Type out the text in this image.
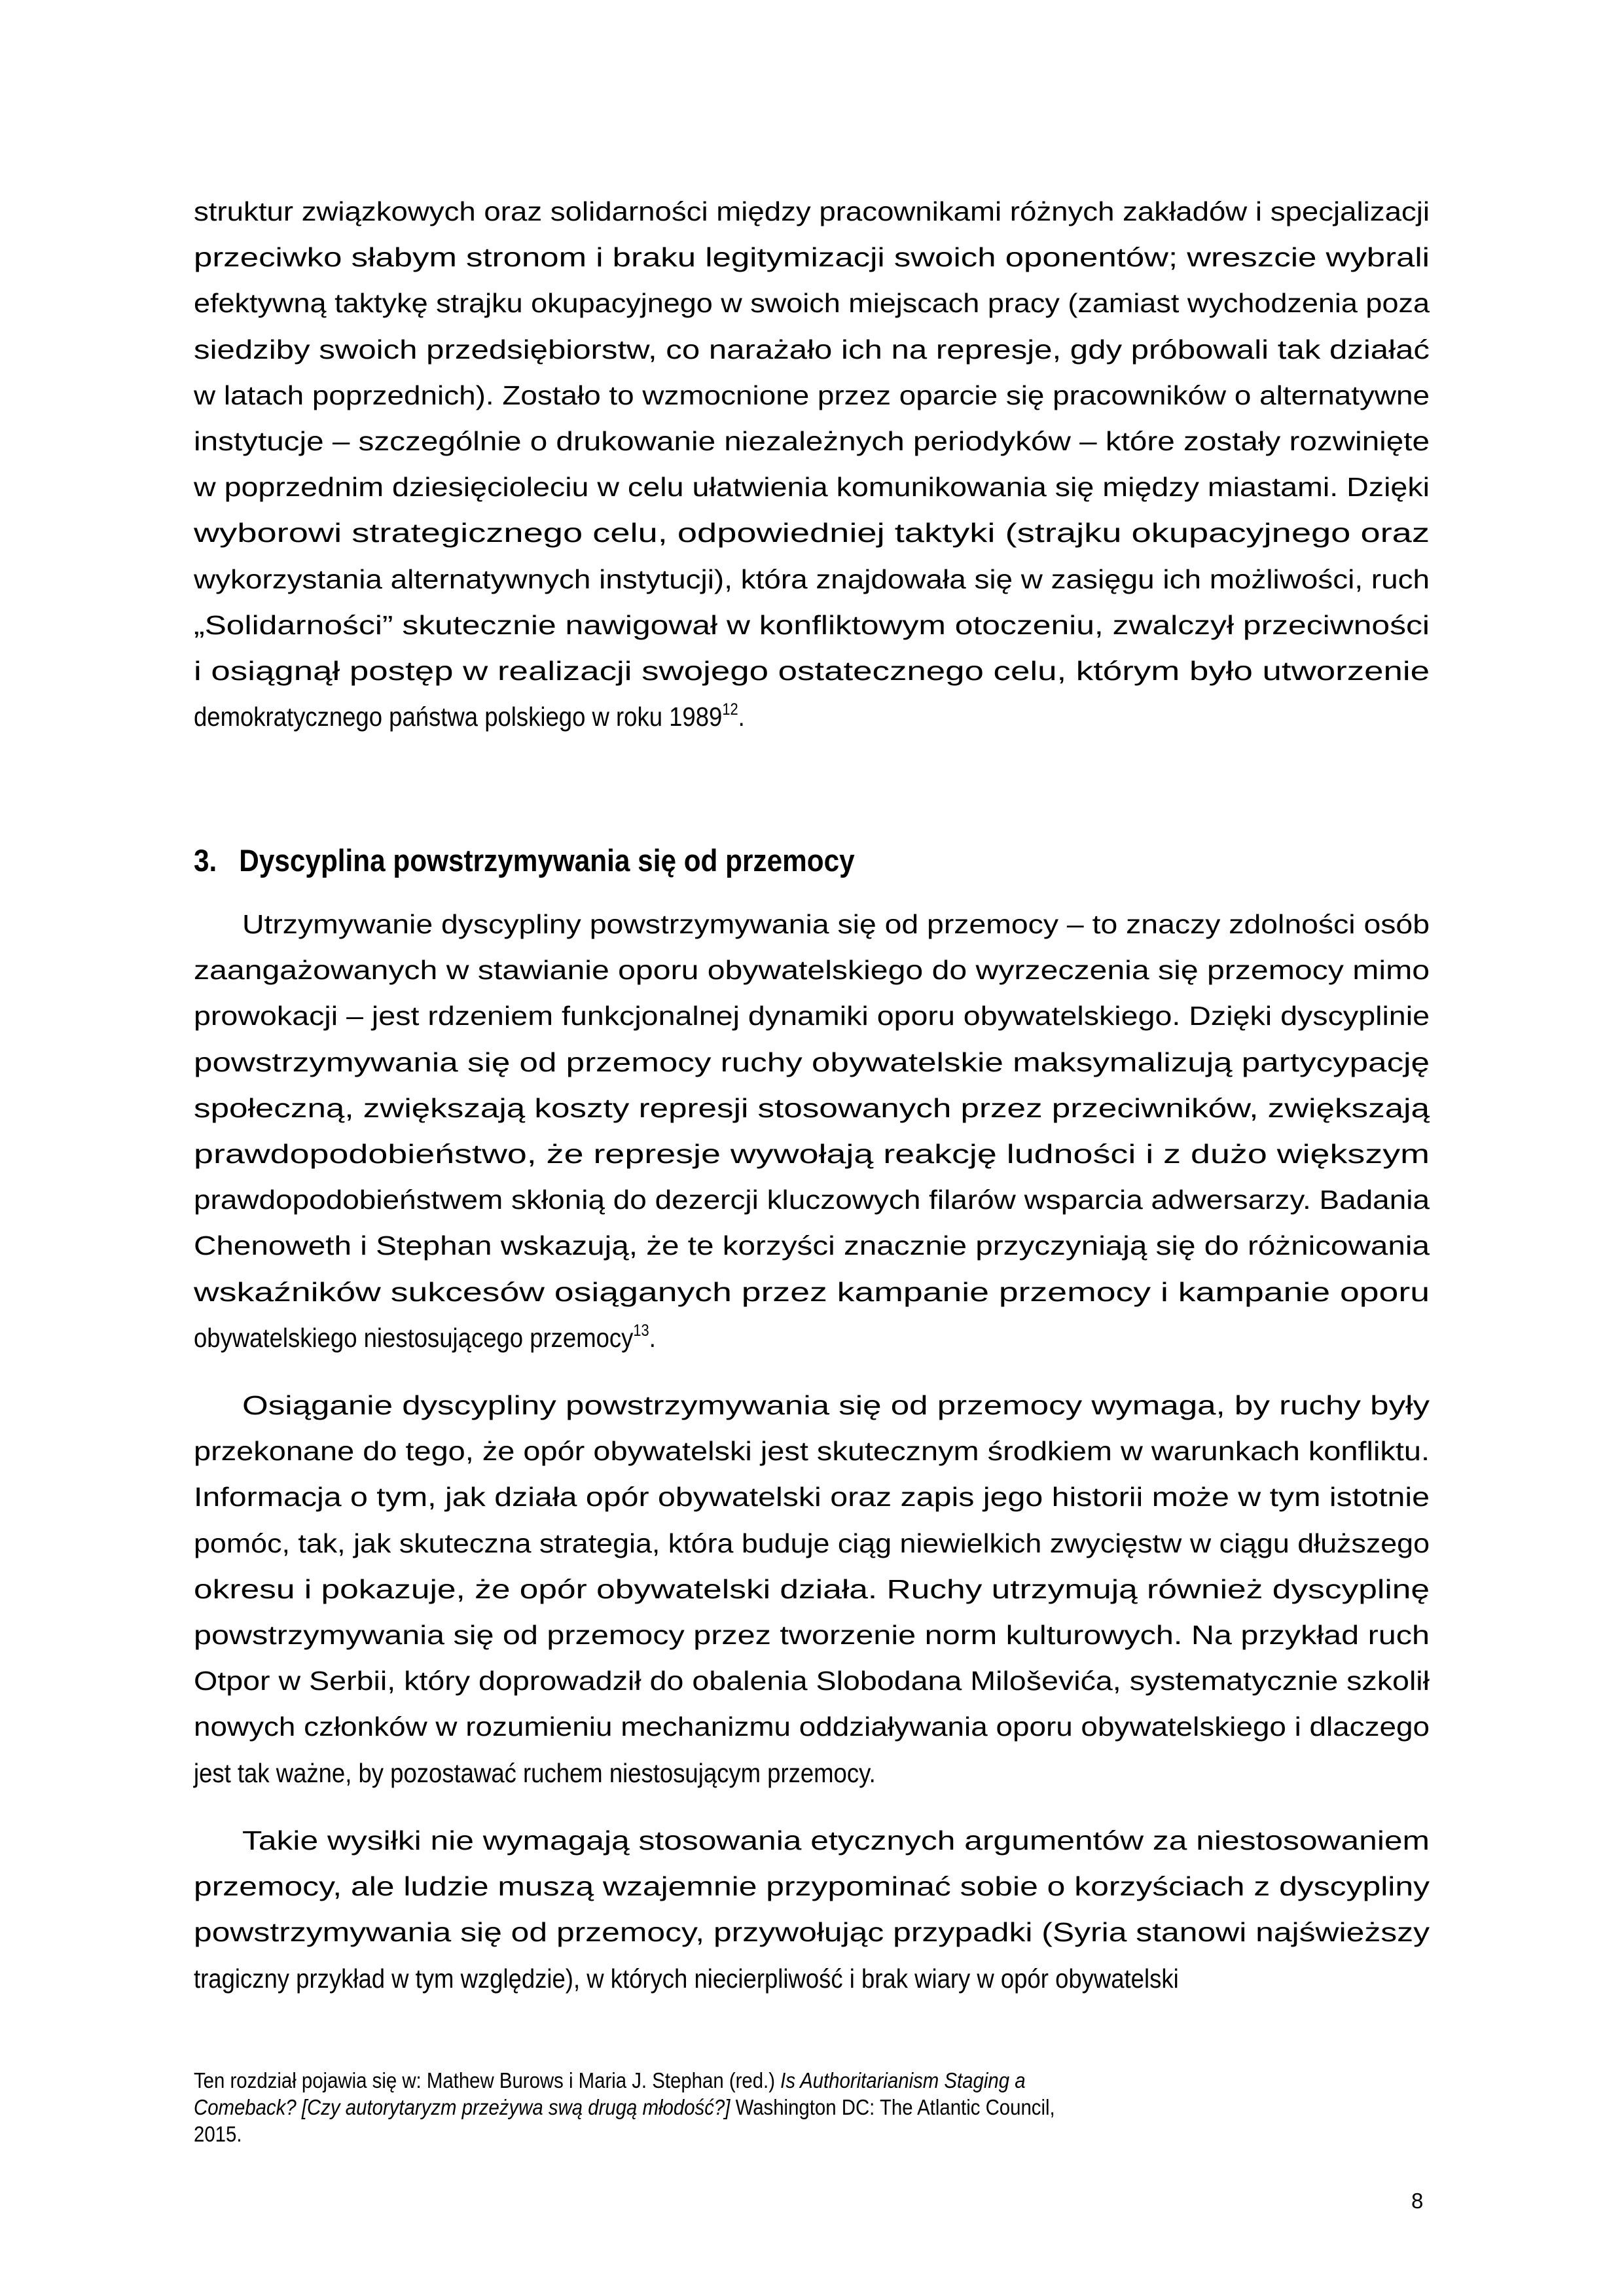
struktur związkowych oraz solidarności między pracownikami różnych zakładów i specjalizacji
przeciwko słabym stronom i braku legitymizacji swoich oponentów; wreszcie wybrali
efektywną taktykę strajku okupacyjnego w swoich miejscach pracy (zamiast wychodzenia poza
siedziby swoich przedsiębiorstw, co narażało ich na represje, gdy próbowali tak działać
w latach poprzednich). Zostało to wzmocnione przez oparcie się pracowników o alternatywne
instytucje – szczególnie o drukowanie niezależnych periodyków – które zostały rozwinięte
w poprzednim dziesięcioleciu w celu ułatwienia komunikowania się między miastami. Dzięki
wyborowi strategicznego celu, odpowiedniej taktyki (strajku okupacyjnego oraz
wykorzystania alternatywnych instytucji), która znajdowała się w zasięgu ich możliwości, ruch
„Solidarności” skutecznie nawigował w konfliktowym otoczeniu, zwalczył przeciwności
i osiągnął postęp w realizacji swojego ostatecznego celu, którym było utworzenie
demokratycznego państwa polskiego w roku 1989$^{12}$.
3. Dyscyplina powstrzymywania się od przemocy
Utrzymywanie dyscypliny powstrzymywania się od przemocy – to znaczy zdolności osób
zaangażowanych w stawianie oporu obywatelskiego do wyrzeczenia się przemocy mimo
prowokacji – jest rdzeniem funkcjonalnej dynamiki oporu obywatelskiego. Dzięki dyscyplinie
powstrzymywania się od przemocy ruchy obywatelskie maksymalizują partycypację
społeczną, zwiększają koszty represji stosowanych przez przeciwników, zwiększają
prawdopodobieństwo, że represje wywołają reakcję ludności i z dużo większym
prawdopodobieństwem skłonią do dezercji kluczowych filarów wsparcia adwersarzy. Badania
Chenoweth i Stephan wskazują, że te korzyści znacznie przyczyniają się do różnicowania
wskaźników sukcesów osiąganych przez kampanie przemocy i kampanie oporu
obywatelskiego niestosującego przemocy$^{13}$.
Osiąganie dyscypliny powstrzymywania się od przemocy wymaga, by ruchy były
przekonane do tego, że opór obywatelski jest skutecznym środkiem w warunkach konfliktu.
Informacja o tym, jak działa opór obywatelski oraz zapis jego historii może w tym istotnie
pomóc, tak, jak skuteczna strategia, która buduje ciąg niewielkich zwycięstw w ciągu dłuższego
okresu i pokazuje, że opór obywatelski działa. Ruchy utrzymują również dyscyplinę
powstrzymywania się od przemocy przez tworzenie norm kulturowych. Na przykład ruch
Otpor w Serbii, który doprowadził do obalenia Slobodana Miloševića, systematycznie szkolił
nowych członków w rozumieniu mechanizmu oddziaływania oporu obywatelskiego i dlaczego
jest tak ważne, by pozostawać ruchem niestosującym przemocy.
Takie wysiłki nie wymagają stosowania etycznych argumentów za niestosowaniem
przemocy, ale ludzie muszą wzajemnie przypominać sobie o korzyściach z dyscypliny
powstrzymywania się od przemocy, przywołując przypadki (Syria stanowi najświeższy
tragiczny przykład w tym względzie), w których niecierpliwość i brak wiary w opór obywatelski
Ten rozdział pojawia się w: Mathew Burows i Maria J. Stephan (red.) Is Authoritarianism Staging a
Comeback? [Czy autorytaryzm przeżywa swą drugą młodość?] Washington DC: The Atlantic Council,
2015.
8
